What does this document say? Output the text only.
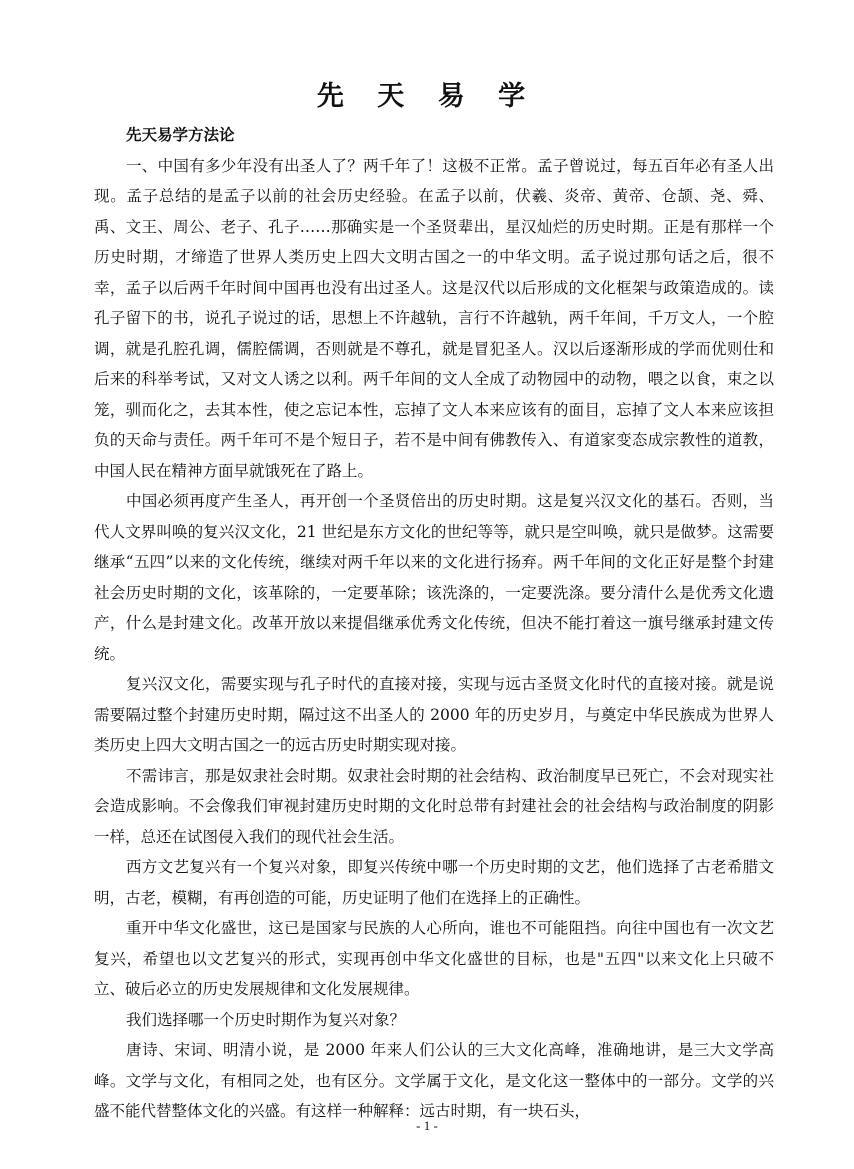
先 天 易 学

先天易学方法论

一、中国有多少年没有出圣人了？两千年了！这极不正常。孟子曾说过，每五百年必有圣人出现。孟子总结的是孟子以前的社会历史经验。在孟子以前，伏羲、炎帝、黄帝、仓颉、尧、舜、禹、文王、周公、老子、孔子……那确实是一个圣贤辈出，星汉灿烂的历史时期。正是有那样一个历史时期，才缔造了世界人类历史上四大文明古国之一的中华文明。孟子说过那句话之后，很不幸，孟子以后两千年时间中国再也没有出过圣人。这是汉代以后形成的文化框架与政策造成的。读孔子留下的书，说孔子说过的话，思想上不许越轨，言行不许越轨，两千年间，千万文人，一个腔调，就是孔腔孔调，儒腔儒调，否则就是不尊孔，就是冒犯圣人。汉以后逐渐形成的学而优则仕和后来的科举考试，又对文人诱之以利。两千年间的文人全成了动物园中的动物，喂之以食，束之以笼，驯而化之，去其本性，使之忘记本性，忘掉了文人本来应该有的面目，忘掉了文人本来应该担负的天命与责任。两千年可不是个短日子，若不是中间有佛教传入、有道家变态成宗教性的道教，中国人民在精神方面早就饿死在了路上。

中国必须再度产生圣人，再开创一个圣贤倍出的历史时期。这是复兴汉文化的基石。否则，当代人文界叫唤的复兴汉文化，21 世纪是东方文化的世纪等等，就只是空叫唤，就只是做梦。这需要继承“五四”以来的文化传统，继续对两千年以来的文化进行扬弃。两千年间的文化正好是整个封建社会历史时期的文化，该革除的，一定要革除；该洗涤的，一定要洗涤。要分清什么是优秀文化遗产，什么是封建文化。改革开放以来提倡继承优秀文化传统，但决不能打着这一旗号继承封建文传统。

复兴汉文化，需要实现与孔子时代的直接对接，实现与远古圣贤文化时代的直接对接。就是说需要隔过整个封建历史时期，隔过这不出圣人的 2000 年的历史岁月，与奠定中华民族成为世界人类历史上四大文明古国之一的远古历史时期实现对接。

不需讳言，那是奴隶社会时期。奴隶社会时期的社会结构、政治制度早已死亡，不会对现实社会造成影响。不会像我们审视封建历史时期的文化时总带有封建社会的社会结构与政治制度的阴影一样，总还在试图侵入我们的现代社会生活。

西方文艺复兴有一个复兴对象，即复兴传统中哪一个历史时期的文艺，他们选择了古老希腊文明，古老，模糊，有再创造的可能，历史证明了他们在选择上的正确性。

重开中华文化盛世，这已是国家与民族的人心所向，谁也不可能阻挡。向往中国也有一次文艺复兴，希望也以文艺复兴的形式，实现再创中华文化盛世的目标，也是"五四"以来文化上只破不立、破后必立的历史发展规律和文化发展规律。

我们选择哪一个历史时期作为复兴对象？

唐诗、宋词、明清小说，是 2000 年来人们公认的三大文化高峰，准确地讲，是三大文学高峰。文学与文化，有相同之处，也有区分。文学属于文化，是文化这一整体中的一部分。文学的兴盛不能代替整体文化的兴盛。有这样一种解释：远古时期，有一块石头，

- 1 -
